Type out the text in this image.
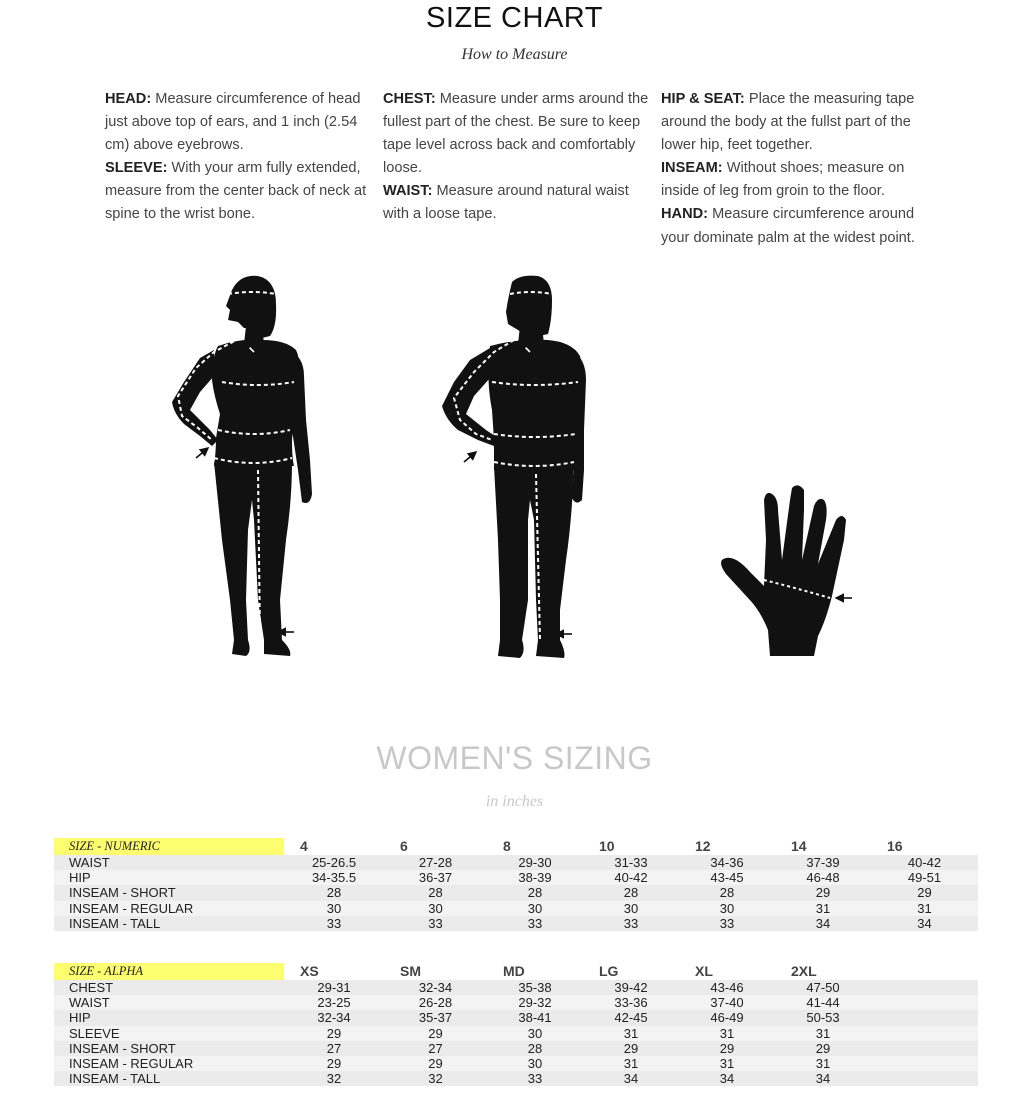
SIZE CHART
How to Measure

HEAD: Measure circumference of head just above top of ears, and 1 inch (2.54 cm) above eyebrows.

SLEEVE: With your arm fully extended, measure from the center back of neck at spine to the wrist bone.

CHEST: Measure under arms around the fullest part of the chest. Be sure to keep tape level across back and comfortably loose.

WAIST: Measure around natural waist with a loose tape.

HIP & SEAT: Place the measuring tape around the body at the fullst part of the lower hip, feet together.

INSEAM: Without shoes; measure on inside of leg from groin to the floor.

HAND: Measure circumference around your dominate palm at the widest point.

WOMEN'S SIZING
in inches
SIZE - NUMERIC	4	6	8	10	12	14	16
WAIST	25-26.5	27-28	29-30	31-33	34-36	37-39	40-42
HIP	34-35.5	36-37	38-39	40-42	43-45	46-48	49-51
INSEAM - SHORT	28	28	28	28	28	29	29
INSEAM - REGULAR	30	30	30	30	30	31	31
INSEAM - TALL	33	33	33	33	33	34	34
SIZE - ALPHA	XS	SM	MD	LG	XL	2XL	
CHEST	29-31	32-34	35-38	39-42	43-46	47-50	
WAIST	23-25	26-28	29-32	33-36	37-40	41-44	
HIP	32-34	35-37	38-41	42-45	46-49	50-53	
SLEEVE	29	29	30	31	31	31	
INSEAM - SHORT	27	27	28	29	29	29	
INSEAM - REGULAR	29	29	30	31	31	31	
INSEAM - TALL	32	32	33	34	34	34	
